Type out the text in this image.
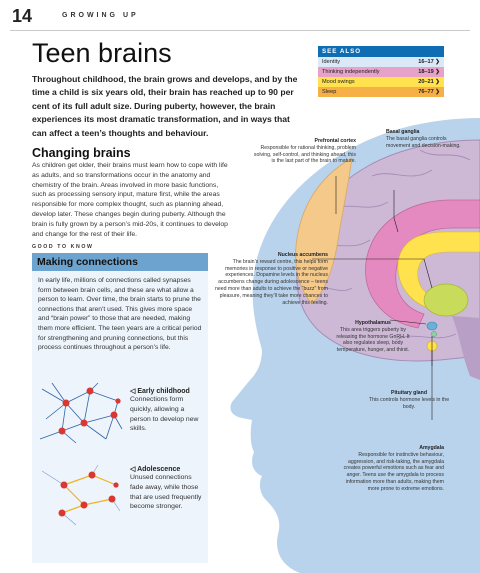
14	GROWING UP
Teen brains
Throughout childhood, the brain grows and develops, and by the time a child is six years old, their brain has reached up to 90 per cent of its full adult size. During puberty, however, the brain experiences its most dramatic transformation, and in ways that can affect a teen’s thoughts and behaviour.
SEE ALSO
Identity	16–17 ❯
Thinking independently	18–19 ❯
Mood swings	20–21 ❯
Sleep	76–77 ❯
Changing brains
As children get older, their brains must learn how to cope with life as adults, and so transformations occur in the anatomy and chemistry of the brain. Areas involved in more basic functions, such as processing sensory input, mature first, while the areas responsible for more complex thought, such as planning ahead, develop later. These changes begin during puberty. Although the brain is fully grown by a person’s mid-20s, it continues to develop and change for the rest of their life.
GOOD TO KNOW
Making connections
In early life, millions of connections called synapses form between brain cells, and these are what allow a person to learn. Over time, the brain starts to prune the connections that aren’t used. This gives more space and “brain power” to those that are needed, making them more efficient. The teen years are a critical period for strengthening and pruning connections, but this process continues throughout a person’s life.
◁ Early childhood
Connections form quickly, allowing a person to develop new skills.
◁ Adolescence
Unused connections fade away, while those that are used frequently become stronger.
Prefrontal cortex
Responsible for rational thinking, problem solving, self-control, and thinking ahead, this is the last part of the brain to mature.
Basal ganglia
The basal ganglia controls movement and decision-making.
Nucleus accumbens
The brain’s reward centre, this helps form memories in response to positive or negative experiences. Dopamine levels in the nucleus accumbens change during adolescence – teens need more than adults to achieve the “buzz” from pleasure, meaning they’ll take more chances to achieve this feeling.
Hypothalamus
This area triggers puberty by releasing the hormone GnRH. It also regulates sleep, body temperature, hunger, and thirst.
Pituitary gland
This controls hormone levels in the body.
Amygdala
Responsible for instinctive behaviour, aggression, and risk-taking, the amygdala creates powerful emotions such as fear and anger. Teens use the amygdala to process information more than adults, making them more prone to extreme emotions.
